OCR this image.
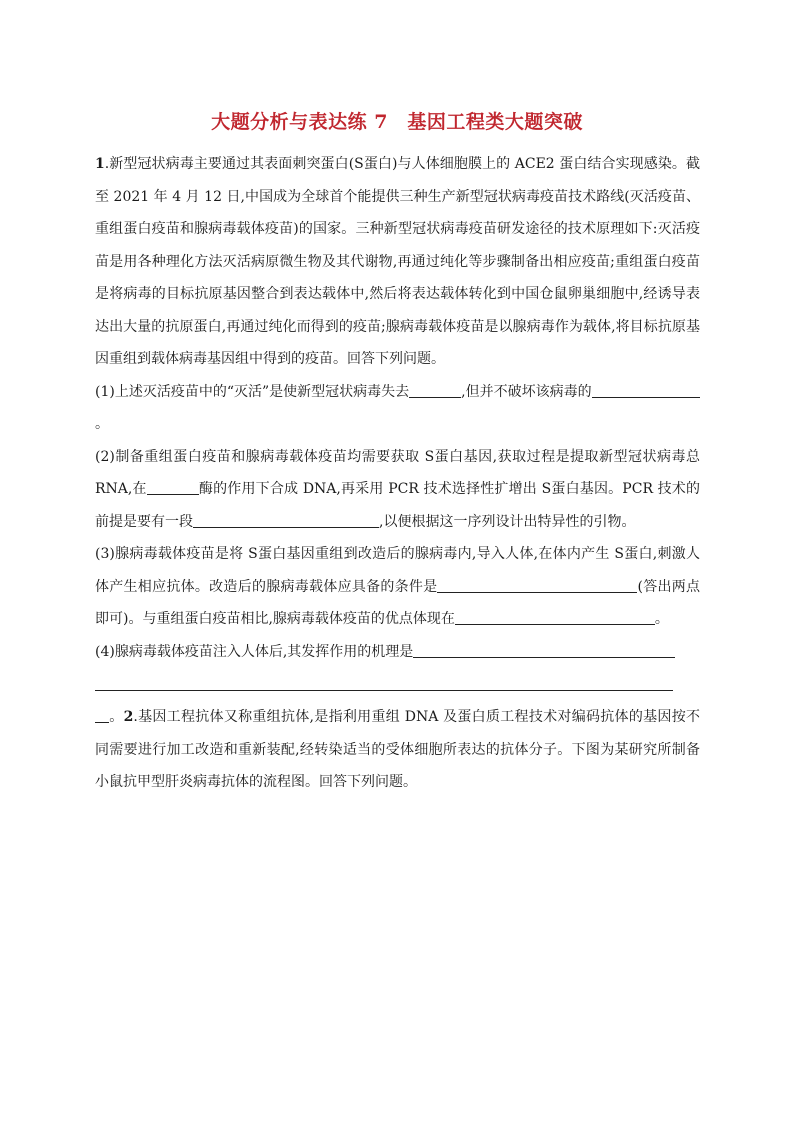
大题分析与表达练 7　基因工程类大题突破

1.新型冠状病毒主要通过其表面刺突蛋白(S蛋白)与人体细胞膜上的 ACE2 蛋白结合实现感染。截至 2021 年 4 月 12 日,中国成为全球首个能提供三种生产新型冠状病毒疫苗技术路线(灭活疫苗、重组蛋白疫苗和腺病毒载体疫苗)的国家。三种新型冠状病毒疫苗研发途径的技术原理如下:灭活疫苗是用各种理化方法灭活病原微生物及其代谢物,再通过纯化等步骤制备出相应疫苗;重组蛋白疫苗是将病毒的目标抗原基因整合到表达载体中,然后将表达载体转化到中国仓鼠卵巢细胞中,经诱导表达出大量的抗原蛋白,再通过纯化而得到的疫苗;腺病毒载体疫苗是以腺病毒作为载体,将目标抗原基因重组到载体病毒基因组中得到的疫苗。回答下列问题。

(1)上述灭活疫苗中的“灭活”是使新型冠状病毒失去	,但并不破坏该病毒的
。

(2)制备重组蛋白疫苗和腺病毒载体疫苗均需要获取 S蛋白基因,获取过程是提取新型冠状病毒总 RNA,在	酶的作用下合成 DNA,再采用 PCR 技术选择性扩增出 S蛋白基因。PCR 技术的前提是要有一段	,以便根据这一序列设计出特异性的引物。

(3)腺病毒载体疫苗是将 S蛋白基因重组到改造后的腺病毒内,导入人体,在体内产生 S蛋白,刺激人体产生相应抗体。改造后的腺病毒载体应具备的条件是	(答出两点即可)。与重组蛋白疫苗相比,腺病毒载体疫苗的优点体现在	。

(4)腺病毒载体疫苗注入人体后,其发挥作用的机理是

。2.基因工程抗体又称重组抗体,是指利用重组 DNA 及蛋白质工程技术对编码抗体的基因按不同需要进行加工改造和重新装配,经转染适当的受体细胞所表达的抗体分子。下图为某研究所制备小鼠抗甲型肝炎病毒抗体的流程图。回答下列问题。
